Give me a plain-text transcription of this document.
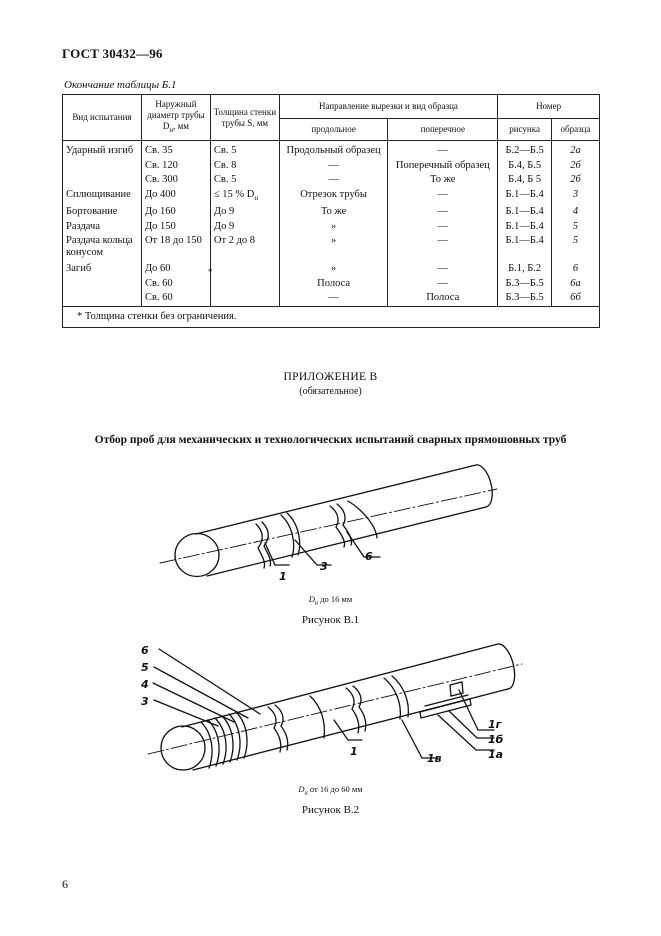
ГОСТ 30432—96
Окончание таблицы Б.1
Вид испытания	Наружный диаметр трубы $D_н$, мм	Толщина стенки трубы S, мм	Направление вырезки и вид образца		Номер	
			продольное	поперечное	рисунка	образца
Ударный изгиб	Св. 35	Св. 5	Продольный образец	—	Б.2—Б.5	2а
	Св. 120	Св. 8	—	Поперечный образец	Б.4, Б.5	2б
	Св. 300	Св. 5	—	То же	Б.4, Б 5	2б
Сплющивание	До 400	≤ 15 % $D_н$	Отрезок трубы	—	Б.1—Б.4	3
Бортование	До 160	До 9	То же	—	Б.1—Б.4	4
Раздача	До 150	До 9	»	—	Б.1—Б.4	5
Раздача кольца конусом	От 18 до 150	От 2 до 8	»	—	Б.1—Б.4	5
Загиб	До 60	*	»	—	Б.1, Б.2	6
	Св. 60		Полоса	—	Б.3—Б.5	6а
	Св. 60		—	Полоса	Б.3—Б.5	6б
* Толщина стенки без ограничения.						
ПРИЛОЖЕНИЕ В
(обязательное)
Отбор проб для механических и технологических испытаний сварных прямошовных труб
1
3
6
6
5
4
3
1
1в
1г
1б
1а
$D_н$ до 16 мм
Рисунок В.1
$D_н$ от 16 до 60 мм
Рисунок В.2
6
